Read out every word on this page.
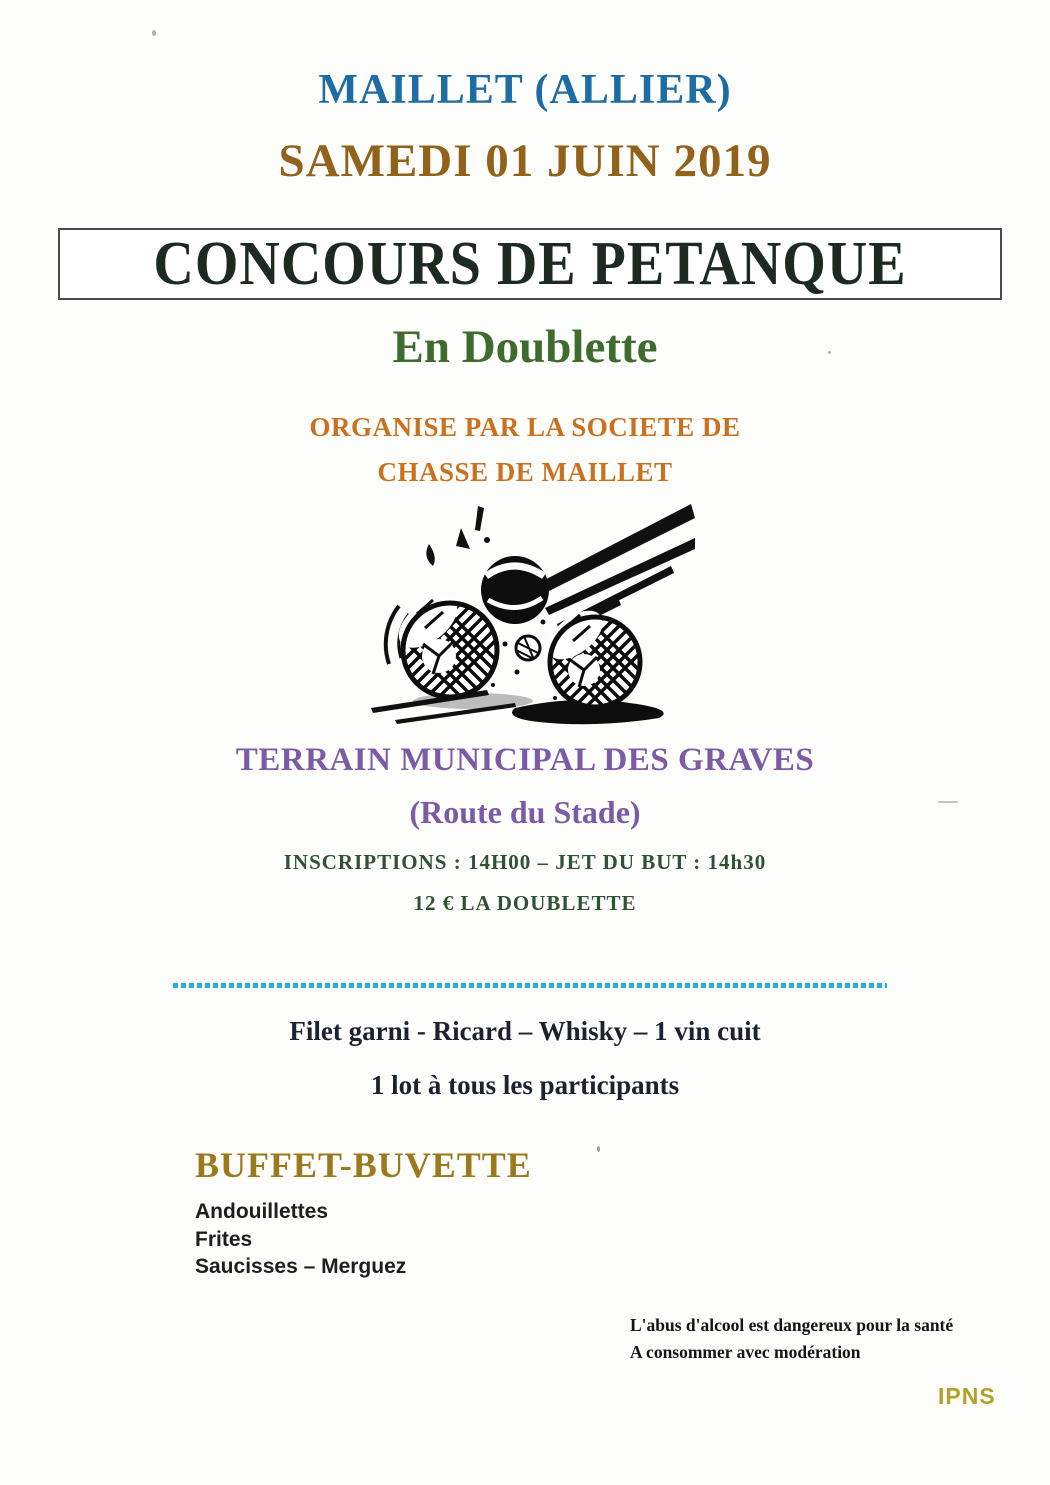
MAILLET (ALLIER)
SAMEDI 01 JUIN 2019
CONCOURS DE PETANQUE
En Doublette
ORGANISE PAR LA SOCIETE DE
CHASSE DE MAILLET
TERRAIN MUNICIPAL DES GRAVES
(Route du Stade)
INSCRIPTIONS : 14H00 – JET DU BUT : 14h30
12 € LA DOUBLETTE
Filet garni - Ricard – Whisky – 1 vin cuit
1 lot à tous les participants
BUFFET-BUVETTE
Andouillettes
Frites
Saucisses – Merguez
L'abus d'alcool est dangereux pour la santé
A consommer avec modération
IPNS
